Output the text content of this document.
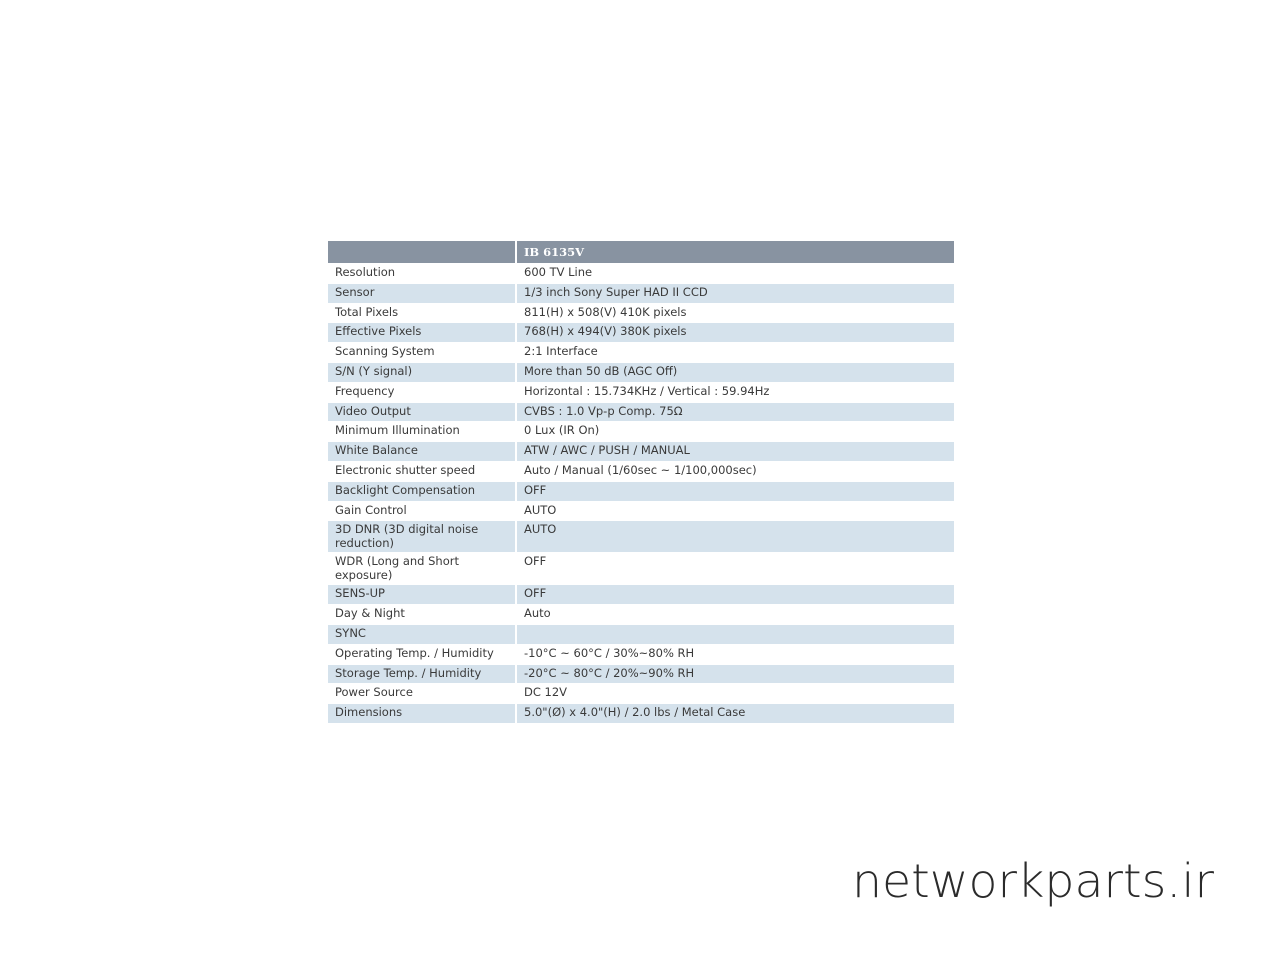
	IB 6135V
Resolution	600 TV Line
Sensor	1/3 inch Sony Super HAD II CCD
Total Pixels	811(H) x 508(V) 410K pixels
Effective Pixels	768(H) x 494(V) 380K pixels
Scanning System	2:1 Interface
S/N (Y signal)	More than 50 dB (AGC Off)
Frequency	Horizontal : 15.734KHz / Vertical : 59.94Hz
Video Output	CVBS : 1.0 Vp-p Comp. 75Ω
Minimum Illumination	0 Lux (IR On)
White Balance	ATW / AWC / PUSH / MANUAL
Electronic shutter speed	Auto / Manual (1/60sec ~ 1/100,000sec)
Backlight Compensation	OFF
Gain Control	AUTO
3D DNR (3D digital noise reduction)	AUTO
WDR (Long and Short exposure)	OFF
SENS-UP	OFF
Day & Night	Auto
SYNC	
Operating Temp. / Humidity	-10°C ~ 60°C / 30%~80% RH
Storage Temp. / Humidity	-20°C ~ 80°C / 20%~90% RH
Power Source	DC 12V
Dimensions	5.0"(Ø) x 4.0"(H) / 2.0 lbs / Metal Case
networkparts.ir
